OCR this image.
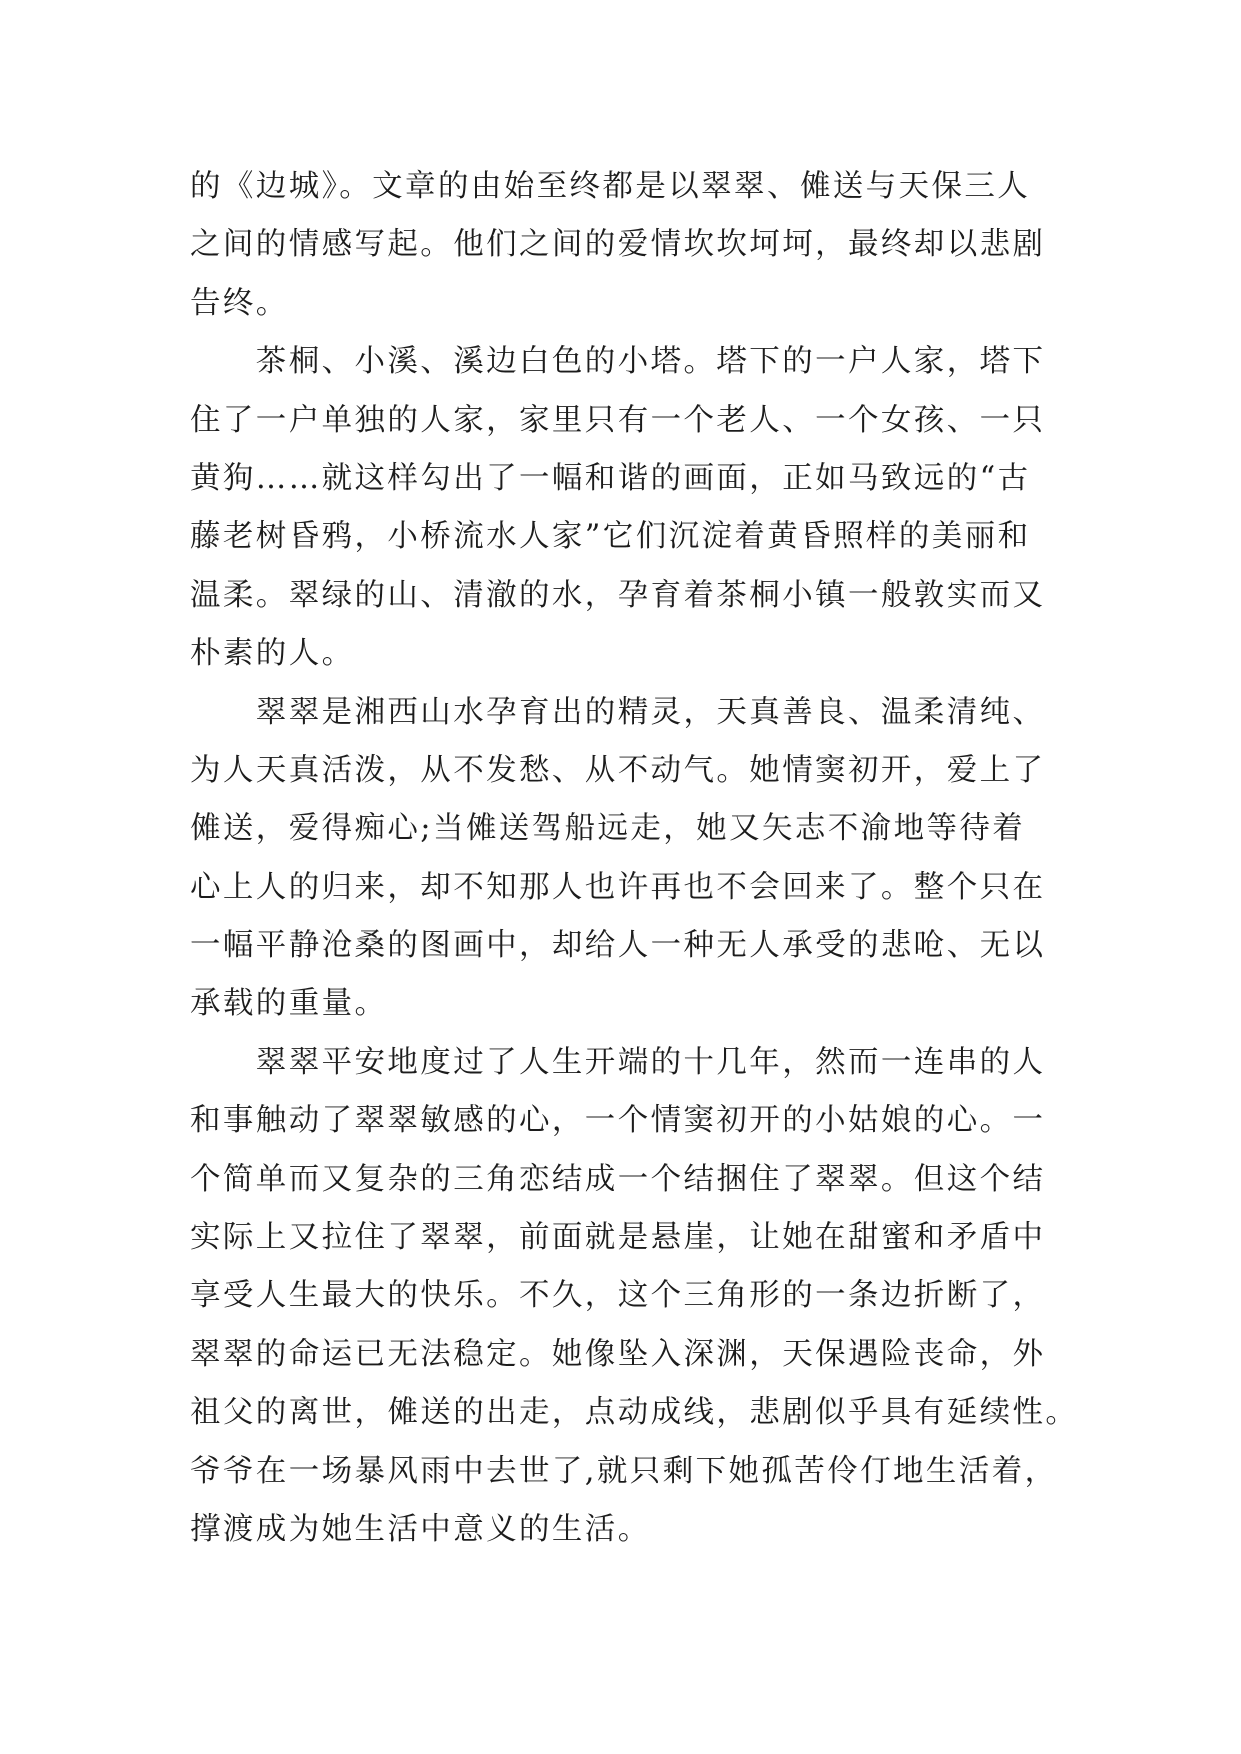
的《边城》。文章的由始至终都是以翠翠、傩送与天保三人
之间的情感写起。他们之间的爱情坎坎坷坷，最终却以悲剧
告终。
　　茶桐、小溪、溪边白色的小塔。塔下的一户人家，塔下
住了一户单独的人家，家里只有一个老人、一个女孩、一只
黄狗……就这样勾出了一幅和谐的画面，正如马致远的“古
藤老树昏鸦，小桥流水人家”它们沉淀着黄昏照样的美丽和
温柔。翠绿的山、清澈的水，孕育着茶桐小镇一般敦实而又
朴素的人。
　　翠翠是湘西山水孕育出的精灵，天真善良、温柔清纯、
为人天真活泼，从不发愁、从不动气。她情窦初开，爱上了
傩送，爱得痴心;当傩送驾船远走，她又矢志不渝地等待着
心上人的归来，却不知那人也许再也不会回来了。整个只在
一幅平静沧桑的图画中，却给人一种无人承受的悲呛、无以
承载的重量。
　　翠翠平安地度过了人生开端的十几年，然而一连串的人
和事触动了翠翠敏感的心，一个情窦初开的小姑娘的心。一
个简单而又复杂的三角恋结成一个结捆住了翠翠。但这个结
实际上又拉住了翠翠，前面就是悬崖，让她在甜蜜和矛盾中
享受人生最大的快乐。不久，这个三角形的一条边折断了，
翠翠的命运已无法稳定。她像坠入深渊，天保遇险丧命，外
祖父的离世，傩送的出走，点动成线，悲剧似乎具有延续性。
爷爷在一场暴风雨中去世了,就只剩下她孤苦伶仃地生活着，
撑渡成为她生活中意义的生活。
